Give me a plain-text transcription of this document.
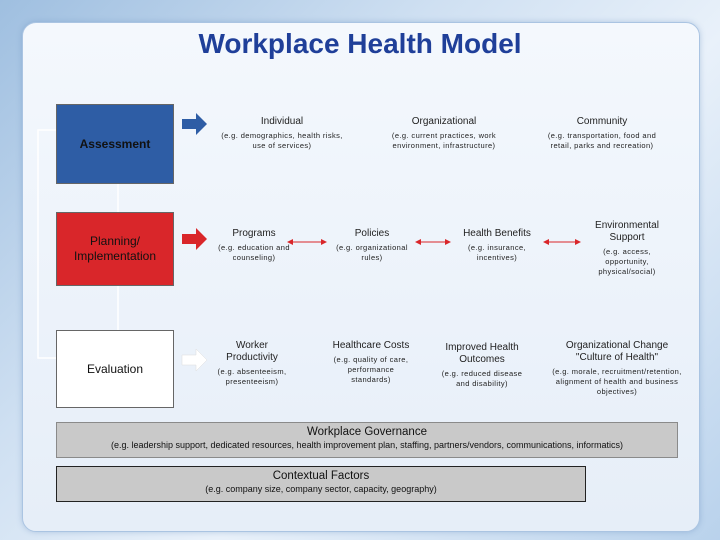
Workplace Health Model
Assessment
Planning/ Implementation
Evaluation
Individual
(e.g. demographics, health risks, use of services)
Organizational
(e.g. current practices, work environment, infrastructure)
Community
(e.g. transportation, food and retail, parks and recreation)
Programs
(e.g. education and counseling)
Policies
(e.g. organizational rules)
Health Benefits
(e.g. insurance, incentives)
Environmental Support
(e.g. access, opportunity, physical/social)
Worker Productivity
(e.g. absenteeism, presenteeism)
Healthcare Costs
(e.g. quality of care, performance standards)
Improved Health Outcomes
(e.g. reduced disease and disability)
Organizational Change "Culture of Health"
(e.g. morale, recruitment/retention, alignment of health and business objectives)
Workplace Governance
(e.g. leadership support, dedicated resources, health improvement plan, staffing, partners/vendors, communications, informatics)
Contextual Factors
(e.g. company size, company sector, capacity, geography)
